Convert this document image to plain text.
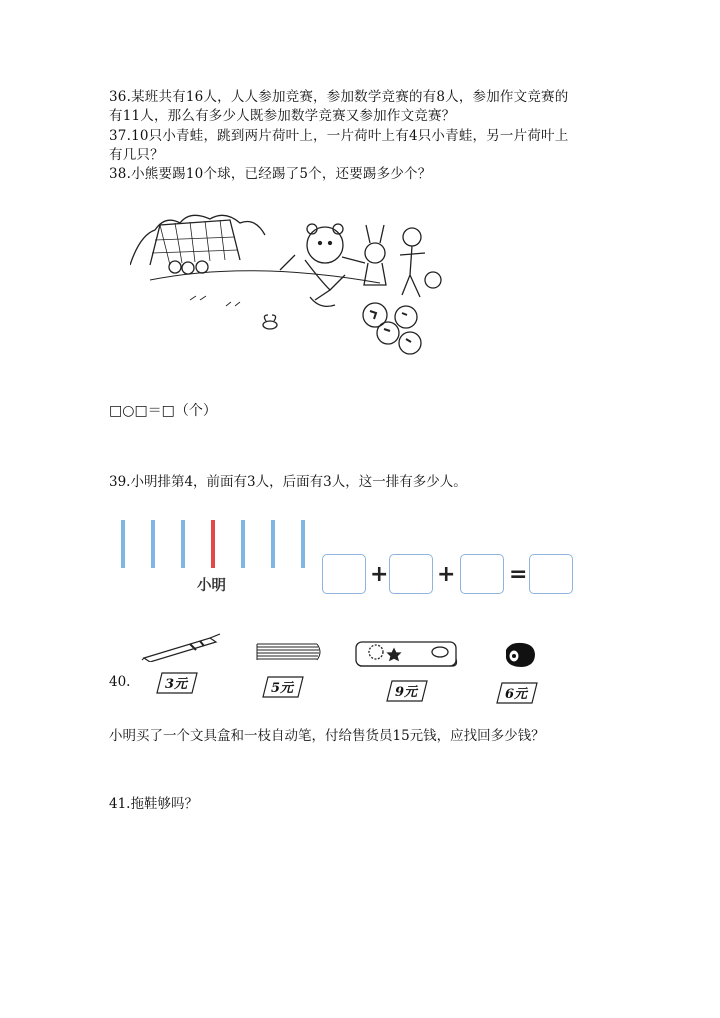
36.某班共有16人，人人参加竞赛，参加数学竞赛的有8人，参加作文竞赛的
有11人，那么有多少人既参加数学竞赛又参加作文竞赛？
37.10只小青蛙，跳到两片荷叶上，一片荷叶上有4只小青蛙，另一片荷叶上
有几只？
38.小熊要踢10个球，已经踢了5个，还要踢多少个？
□○□＝□（个）
39.小明排第4，前面有3人，后面有3人，这一排有多少人。
小明	+ + =
40.	3元	5元	9元	6元
小明买了一个文具盒和一枝自动笔，付给售货员15元钱，应找回多少钱？
41.拖鞋够吗？
